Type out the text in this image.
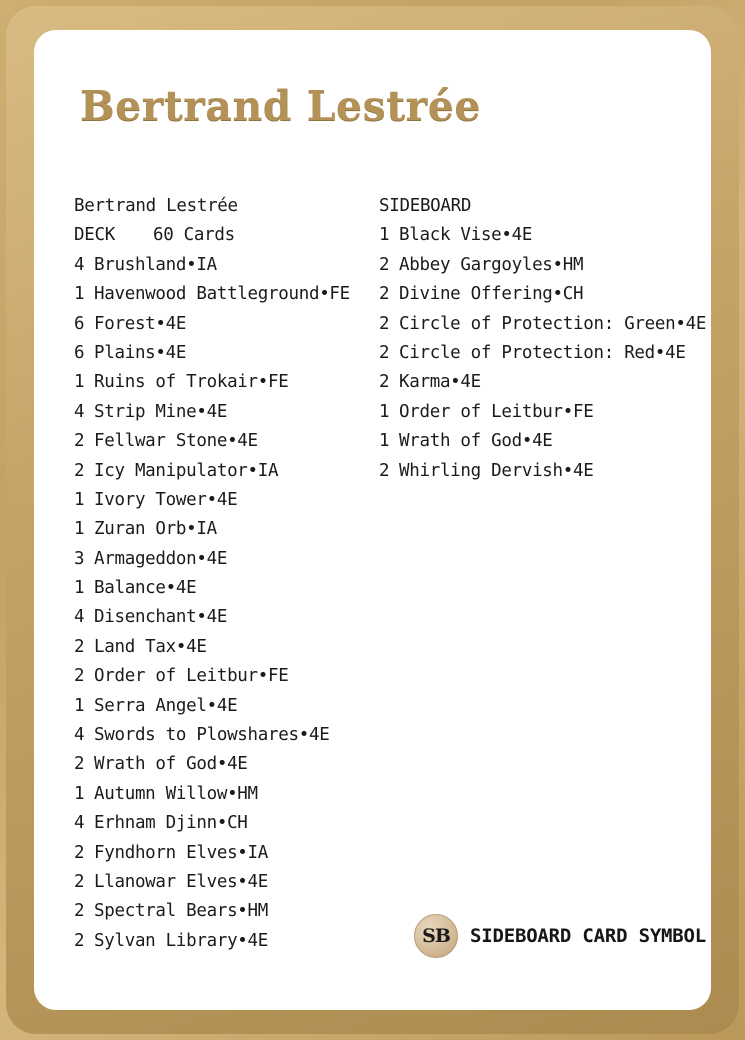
Bertrand Lestrée
Bertrand Lestrée
DECK 60 Cards
4 Brushland•IA
1 Havenwood Battleground•FE
6 Forest•4E
6 Plains•4E
1 Ruins of Trokair•FE
4 Strip Mine•4E
2 Fellwar Stone•4E
2 Icy Manipulator•IA
1 Ivory Tower•4E
1 Zuran Orb•IA
3 Armageddon•4E
1 Balance•4E
4 Disenchant•4E
2 Land Tax•4E
2 Order of Leitbur•FE
1 Serra Angel•4E
4 Swords to Plowshares•4E
2 Wrath of God•4E
1 Autumn Willow•HM
4 Erhnam Djinn•CH
2 Fyndhorn Elves•IA
2 Llanowar Elves•4E
2 Spectral Bears•HM
2 Sylvan Library•4E
SIDEBOARD
1 Black Vise•4E
2 Abbey Gargoyles•HM
2 Divine Offering•CH
2 Circle of Protection: Green•4E
2 Circle of Protection: Red•4E
2 Karma•4E
1 Order of Leitbur•FE
1 Wrath of God•4E
2 Whirling Dervish•4E
SB	SIDEBOARD CARD SYMBOL
